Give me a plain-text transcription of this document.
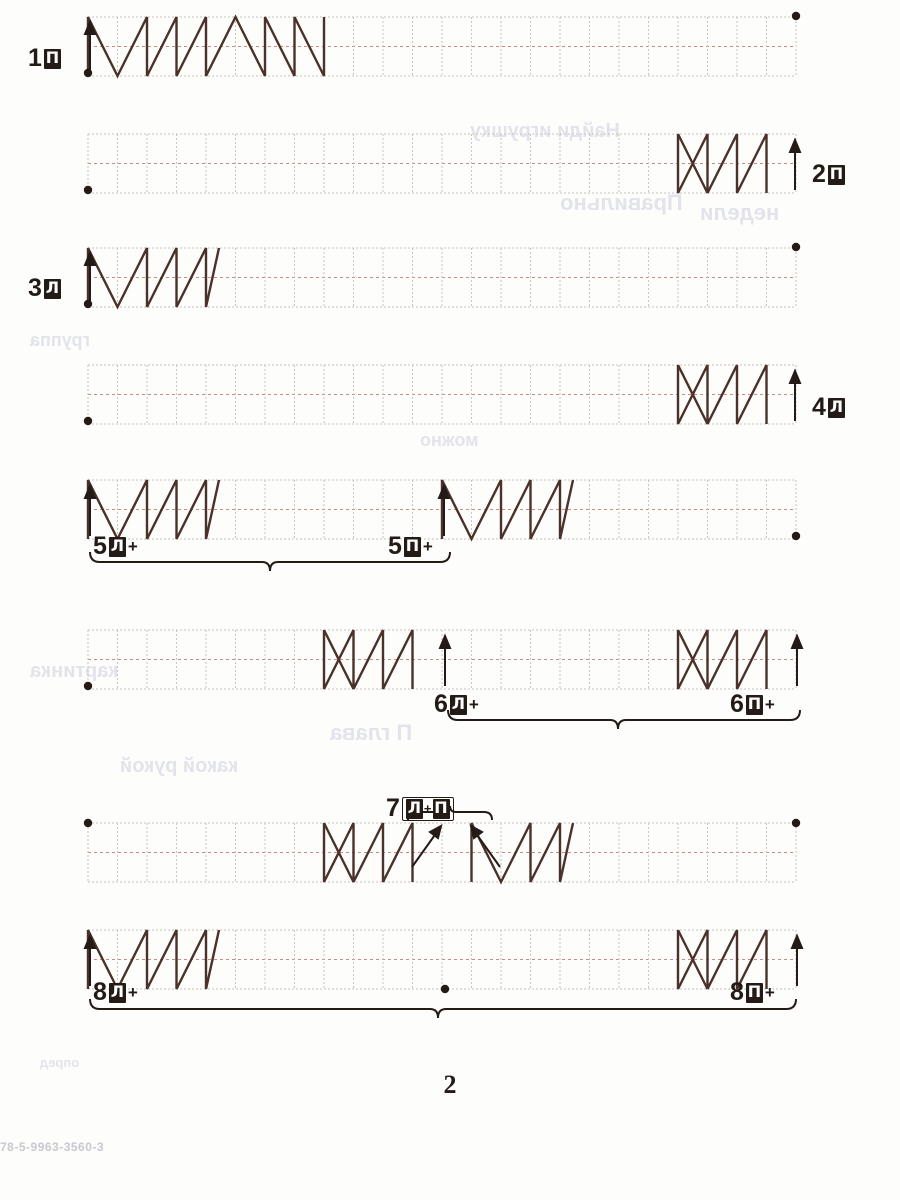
Найди игрушку
Правильно недели
группа
можно
картинка
П глава
какой рукой
опред
1 П
2 П
3 Л
4 Л
5 Л +	5 П +
6 Л +	6 П +
7 Л + П
8 Л +	8 П +
2
78-5-9963-3560-3
